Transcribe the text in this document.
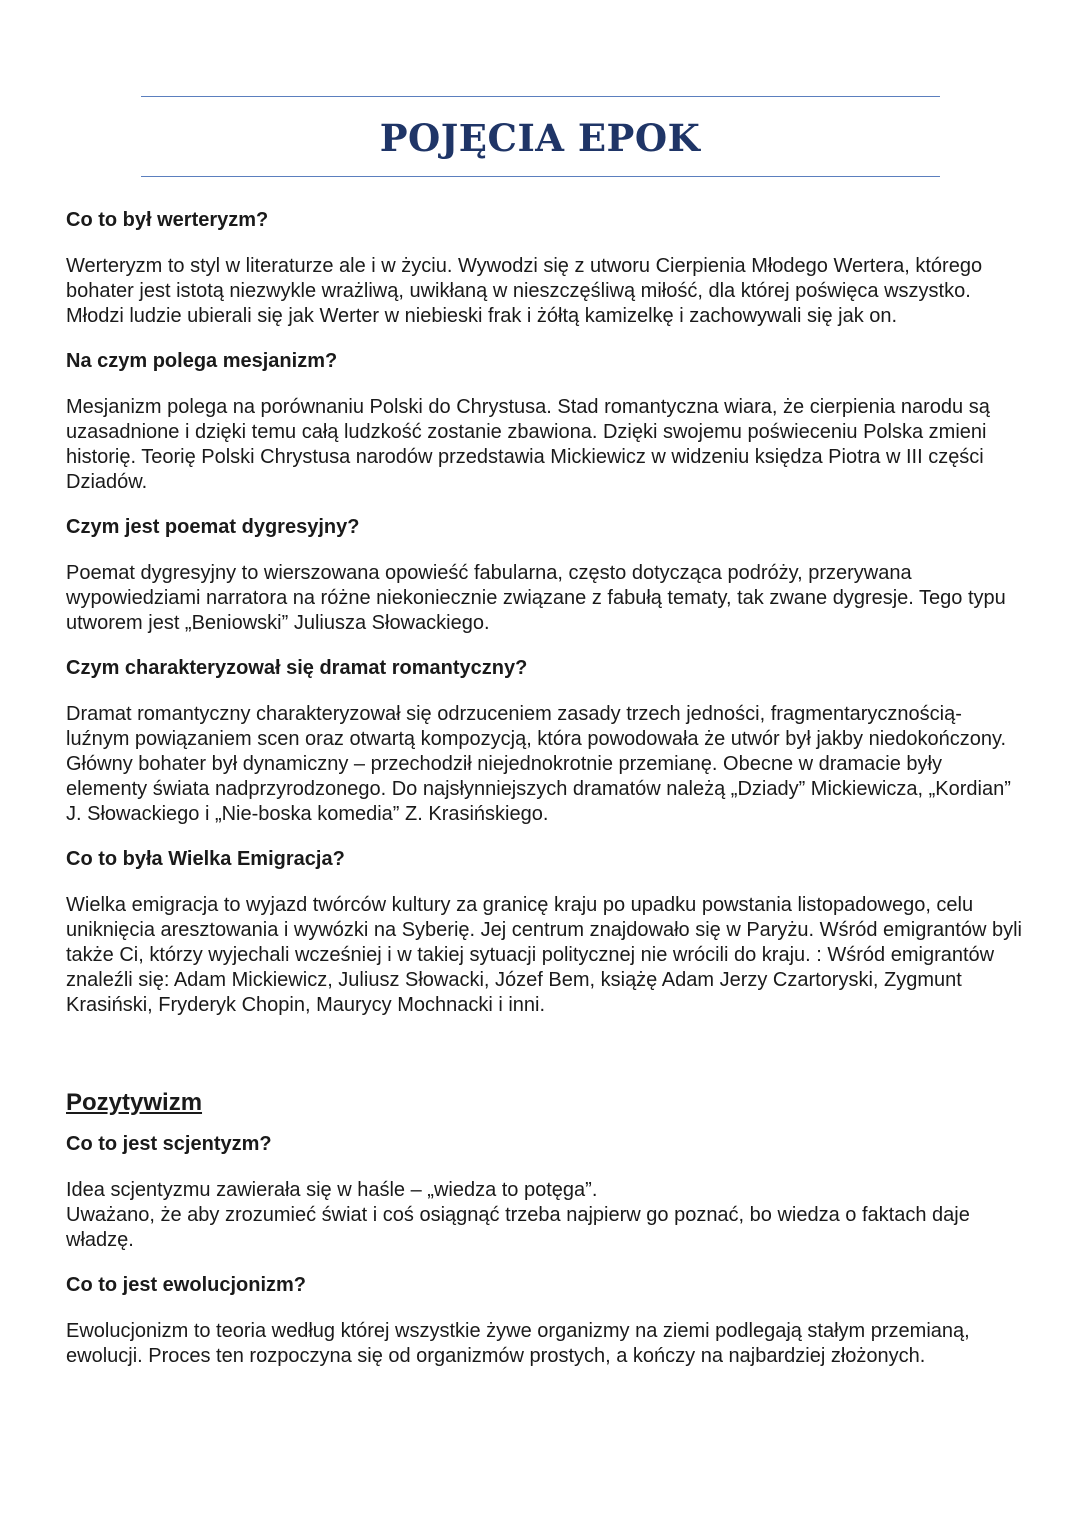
POJĘCIA EPOK
Co to był werteryzm?
Werteryzm to styl w literaturze ale i w życiu. Wywodzi się z utworu Cierpienia Młodego Wertera, którego bohater jest istotą niezwykle wrażliwą, uwikłaną w nieszczęśliwą miłość, dla której poświęca wszystko. Młodzi ludzie ubierali się jak Werter w niebieski frak i żółtą kamizelkę i zachowywali się jak on.
Na czym polega mesjanizm?
Mesjanizm polega na porównaniu Polski do Chrystusa. Stad romantyczna wiara, że cierpienia narodu są uzasadnione i dzięki temu całą ludzkość zostanie zbawiona. Dzięki swojemu poświeceniu Polska zmieni historię. Teorię Polski Chrystusa narodów przedstawia Mickiewicz w widzeniu księdza Piotra w III części Dziadów.
Czym jest poemat dygresyjny?
Poemat dygresyjny to wierszowana opowieść fabularna, często dotycząca podróży, przerywana wypowiedziami narratora na różne niekoniecznie związane z fabułą tematy, tak zwane dygresje. Tego typu utworem jest „Beniowski” Juliusza Słowackiego.
Czym charakteryzował się dramat romantyczny?
Dramat romantyczny charakteryzował się odrzuceniem zasady trzech jedności, fragmentarycznością- luźnym powiązaniem scen oraz otwartą kompozycją, która powodowała że utwór był jakby niedokończony. Główny bohater był dynamiczny – przechodził niejednokrotnie przemianę. Obecne w dramacie były elementy świata nadprzyrodzonego. Do najsłynniejszych dramatów należą „Dziady” Mickiewicza, „Kordian” J. Słowackiego i „Nie-boska komedia” Z. Krasińskiego.
Co to była Wielka Emigracja?
Wielka emigracja to wyjazd twórców kultury za granicę kraju po upadku powstania listopadowego, celu uniknięcia aresztowania i wywózki na Syberię. Jej centrum znajdowało się w Paryżu. Wśród emigrantów byli także Ci, którzy wyjechali wcześniej i w takiej sytuacji politycznej nie wrócili do kraju. : Wśród emigrantów znaleźli się: Adam Mickiewicz, Juliusz Słowacki, Józef Bem, książę Adam Jerzy Czartoryski, Zygmunt Krasiński, Fryderyk Chopin, Maurycy Mochnacki i inni.
Pozytywizm
Co to jest scjentyzm?
Idea scjentyzmu zawierała się w haśle – „wiedza to potęga”.
Uważano, że aby zrozumieć świat i coś osiągnąć trzeba najpierw go poznać, bo wiedza o faktach daje władzę.
Co to jest ewolucjonizm?
Ewolucjonizm to teoria według której wszystkie żywe organizmy na ziemi podlegają stałym przemianą, ewolucji. Proces ten rozpoczyna się od organizmów prostych, a kończy na najbardziej złożonych.
